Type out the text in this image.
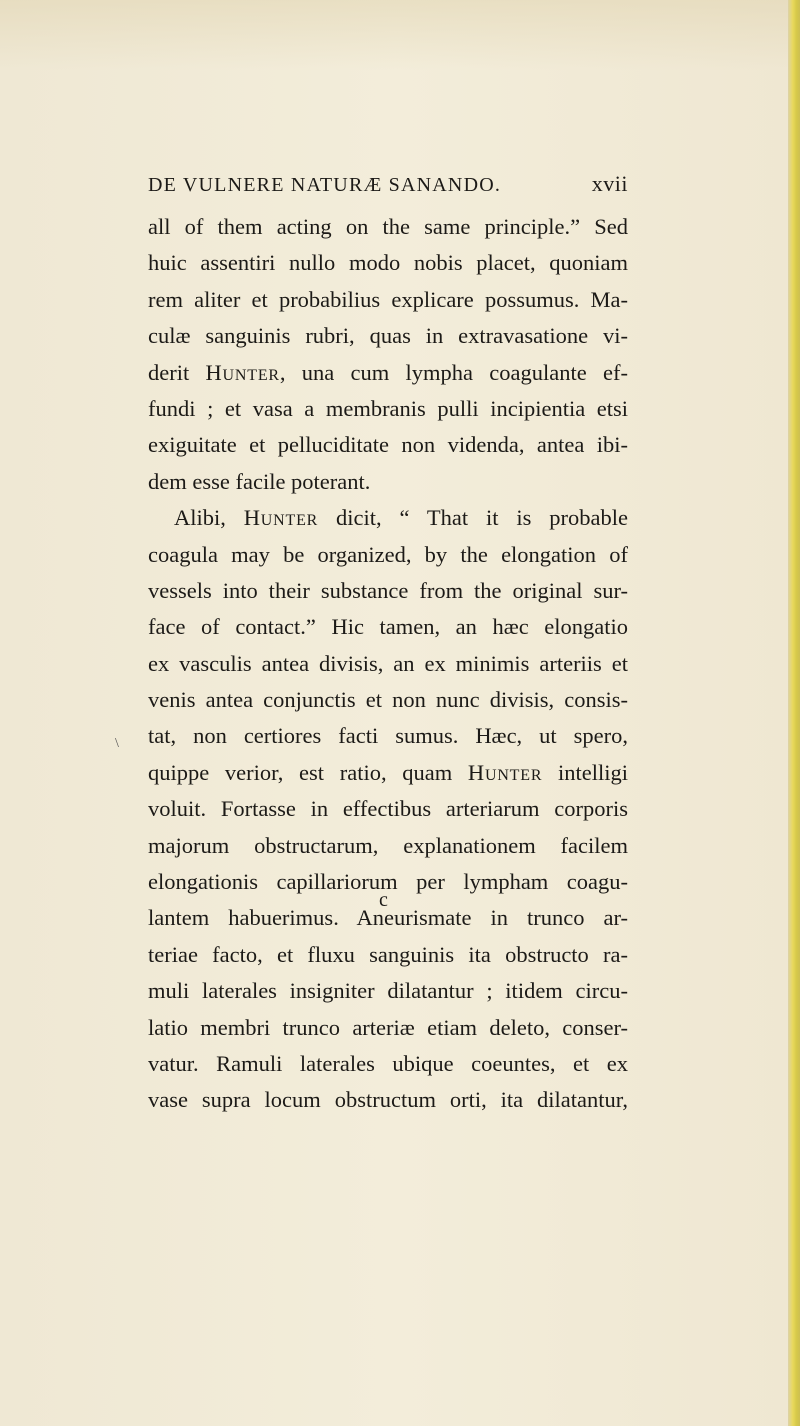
DE VULNERE NATURÆ SANANDO.	xvii
all of them acting on the same principle.” Sed
huic assentiri nullo modo nobis placet, quoniam
rem aliter et probabilius explicare possumus. Ma-
culæ sanguinis rubri, quas in extravasatione vi-
derit Hunter, una cum lympha coagulante ef-
fundi ; et vasa a membranis pulli incipientia etsi
exiguitate et pelluciditate non videnda, antea ibi-
dem esse facile poterant.
Alibi, Hunter dicit, “ That it is probable
coagula may be organized, by the elongation of
vessels into their substance from the original sur-
face of contact.” Hic tamen, an hæc elongatio
ex vasculis antea divisis, an ex minimis arteriis et
venis antea conjunctis et non nunc divisis, consis-
tat, non certiores facti sumus. Hæc, ut spero,
quippe verior, est ratio, quam Hunter intelligi
voluit. Fortasse in effectibus arteriarum corporis
majorum obstructarum, explanationem facilem
elongationis capillariorum per lympham coagu-
lantem habuerimus. Aneurismate in trunco ar-
teriae facto, et fluxu sanguinis ita obstructo ra-
muli laterales insigniter dilatantur ; itidem circu-
latio membri trunco arteriæ etiam deleto, conser-
vatur. Ramuli laterales ubique coeuntes, et ex
vase supra locum obstructum orti, ita dilatantur,
\
c
